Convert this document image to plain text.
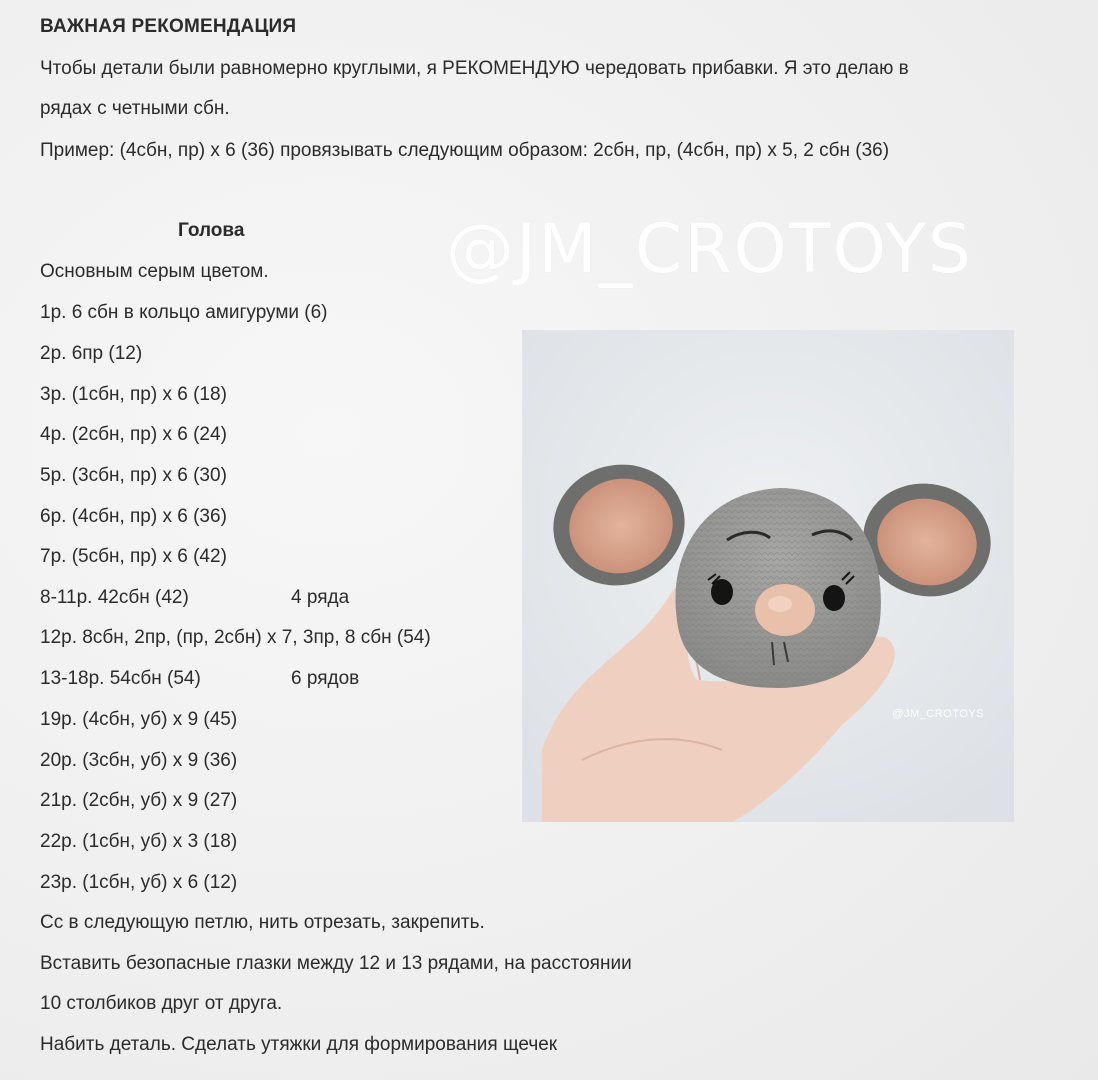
ВАЖНАЯ РЕКОМЕНДАЦИЯ
Чтобы детали были равномерно круглыми, я РЕКОМЕНДУЮ чередовать прибавки. Я это делаю в
рядах с четными сбн.
Пример: (4сбн, пр) х 6 (36) провязывать следующим образом: 2сбн, пр, (4сбн, пр) х 5, 2 сбн (36)
Голова	@JM_CROTOYS
Основным серым цветом.
1р. 6 сбн в кольцо амигуруми (6)
2р. 6пр (12)
3р. (1сбн, пр) х 6 (18)
4р. (2сбн, пр) х 6 (24)
5р. (3сбн, пр) х 6 (30)
6р. (4сбн, пр) х 6 (36)
7р. (5сбн, пр) х 6 (42)
8-11р. 42сбн (42)	4 ряда
12р. 8сбн, 2пр, (пр, 2сбн) х 7, 3пр, 8 сбн (54)
13-18р. 54сбн (54)	6 рядов
19р. (4сбн, уб) х 9 (45)
20р. (3сбн, уб) х 9 (36)
21р. (2сбн, уб) х 9 (27)
22р. (1сбн, уб) х 3 (18)
23р. (1сбн, уб) х 6 (12)
Сс в следующую петлю, нить отрезать, закрепить.
Вставить безопасные глазки между 12 и 13 рядами, на расстоянии
10 столбиков друг от друга.
Набить деталь. Сделать утяжки для формирования щечек
@JM_CROTOYS
